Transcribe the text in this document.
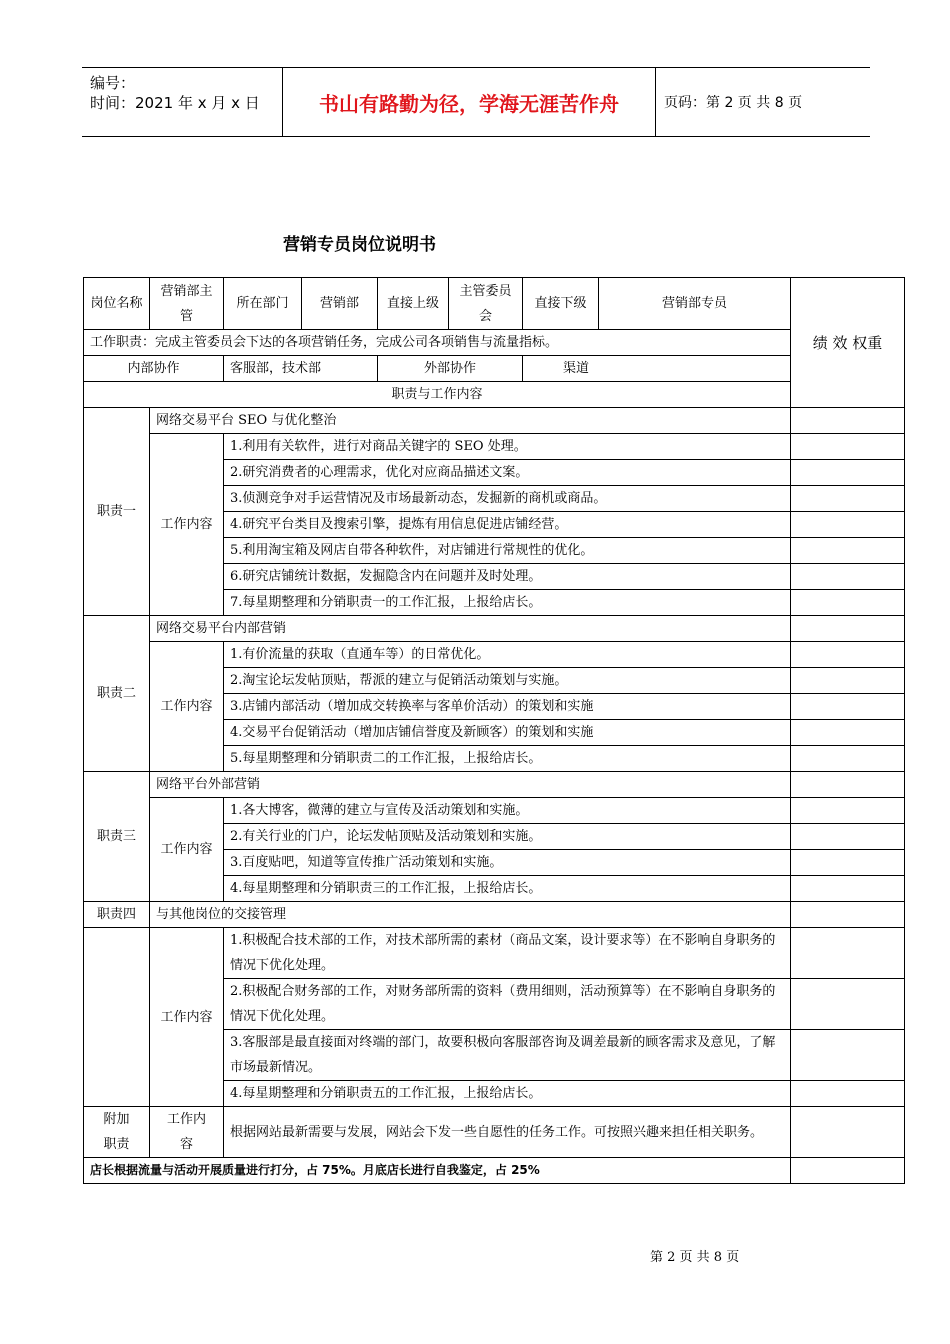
编号：
时间：2021 年 x 月 x 日	书山有路勤为径，学海无涯苦作舟	页码：第 2 页 共 8 页
营销专员岗位说明书
岗位名称	营销部主管	所在部门	营销部	直接上级	主管委员会	直接下级	营销部专员	绩 效 权重
工作职责：完成主管委员会下达的各项营销任务，完成公司各项销售与流量指标。								
内部协作		客服部，技术部		外部协作		渠道		
职责与工作内容								
职责一	网络交易平台 SEO 与优化整治							
	工作内容	1.利用有关软件，进行对商品关键字的 SEO 处理。						
		2.研究消费者的心理需求，优化对应商品描述文案。						
		3.侦测竞争对手运营情况及市场最新动态，发掘新的商机或商品。						
		4.研究平台类目及搜索引擎，提炼有用信息促进店铺经营。						
		5.利用淘宝箱及网店自带各种软件，对店铺进行常规性的优化。						
		6.研究店铺统计数据，发掘隐含内在问题并及时处理。						
		7.每星期整理和分销职责一的工作汇报，上报给店长。						
职责二	网络交易平台内部营销							
	工作内容	1.有价流量的获取（直通车等）的日常优化。						
		2.淘宝论坛发帖顶贴，帮派的建立与促销活动策划与实施。						
		3.店铺内部活动（增加成交转换率与客单价活动）的策划和实施						
		4.交易平台促销活动（增加店铺信誉度及新顾客）的策划和实施						
		5.每星期整理和分销职责二的工作汇报，上报给店长。						
职责三	网络平台外部营销							
	工作内容	1.各大博客，微薄的建立与宣传及活动策划和实施。						
		2.有关行业的门户，论坛发帖顶贴及活动策划和实施。						
		3.百度贴吧，知道等宣传推广活动策划和实施。						
		4.每星期整理和分销职责三的工作汇报，上报给店长。						
职责四	与其他岗位的交接管理							
	工作内容	1.积极配合技术部的工作，对技术部所需的素材（商品文案，设计要求等）在不影响自身职务的情况下优化处理。						
		2.积极配合财务部的工作，对财务部所需的资料（费用细则，活动预算等）在不影响自身职务的情况下优化处理。						
		3.客服部是最直接面对终端的部门，故要积极向客服部咨询及调差最新的顾客需求及意见，了解市场最新情况。						
		4.每星期整理和分销职责五的工作汇报，上报给店长。						
附加职责	工作内容	根据网站最新需要与发展，网站会下发一些自愿性的任务工作。可按照兴趣来担任相关职务。						
店长根据流量与活动开展质量进行打分，占 75%。月底店长进行自我鉴定，占 25%								
第 2 页 共 8 页
